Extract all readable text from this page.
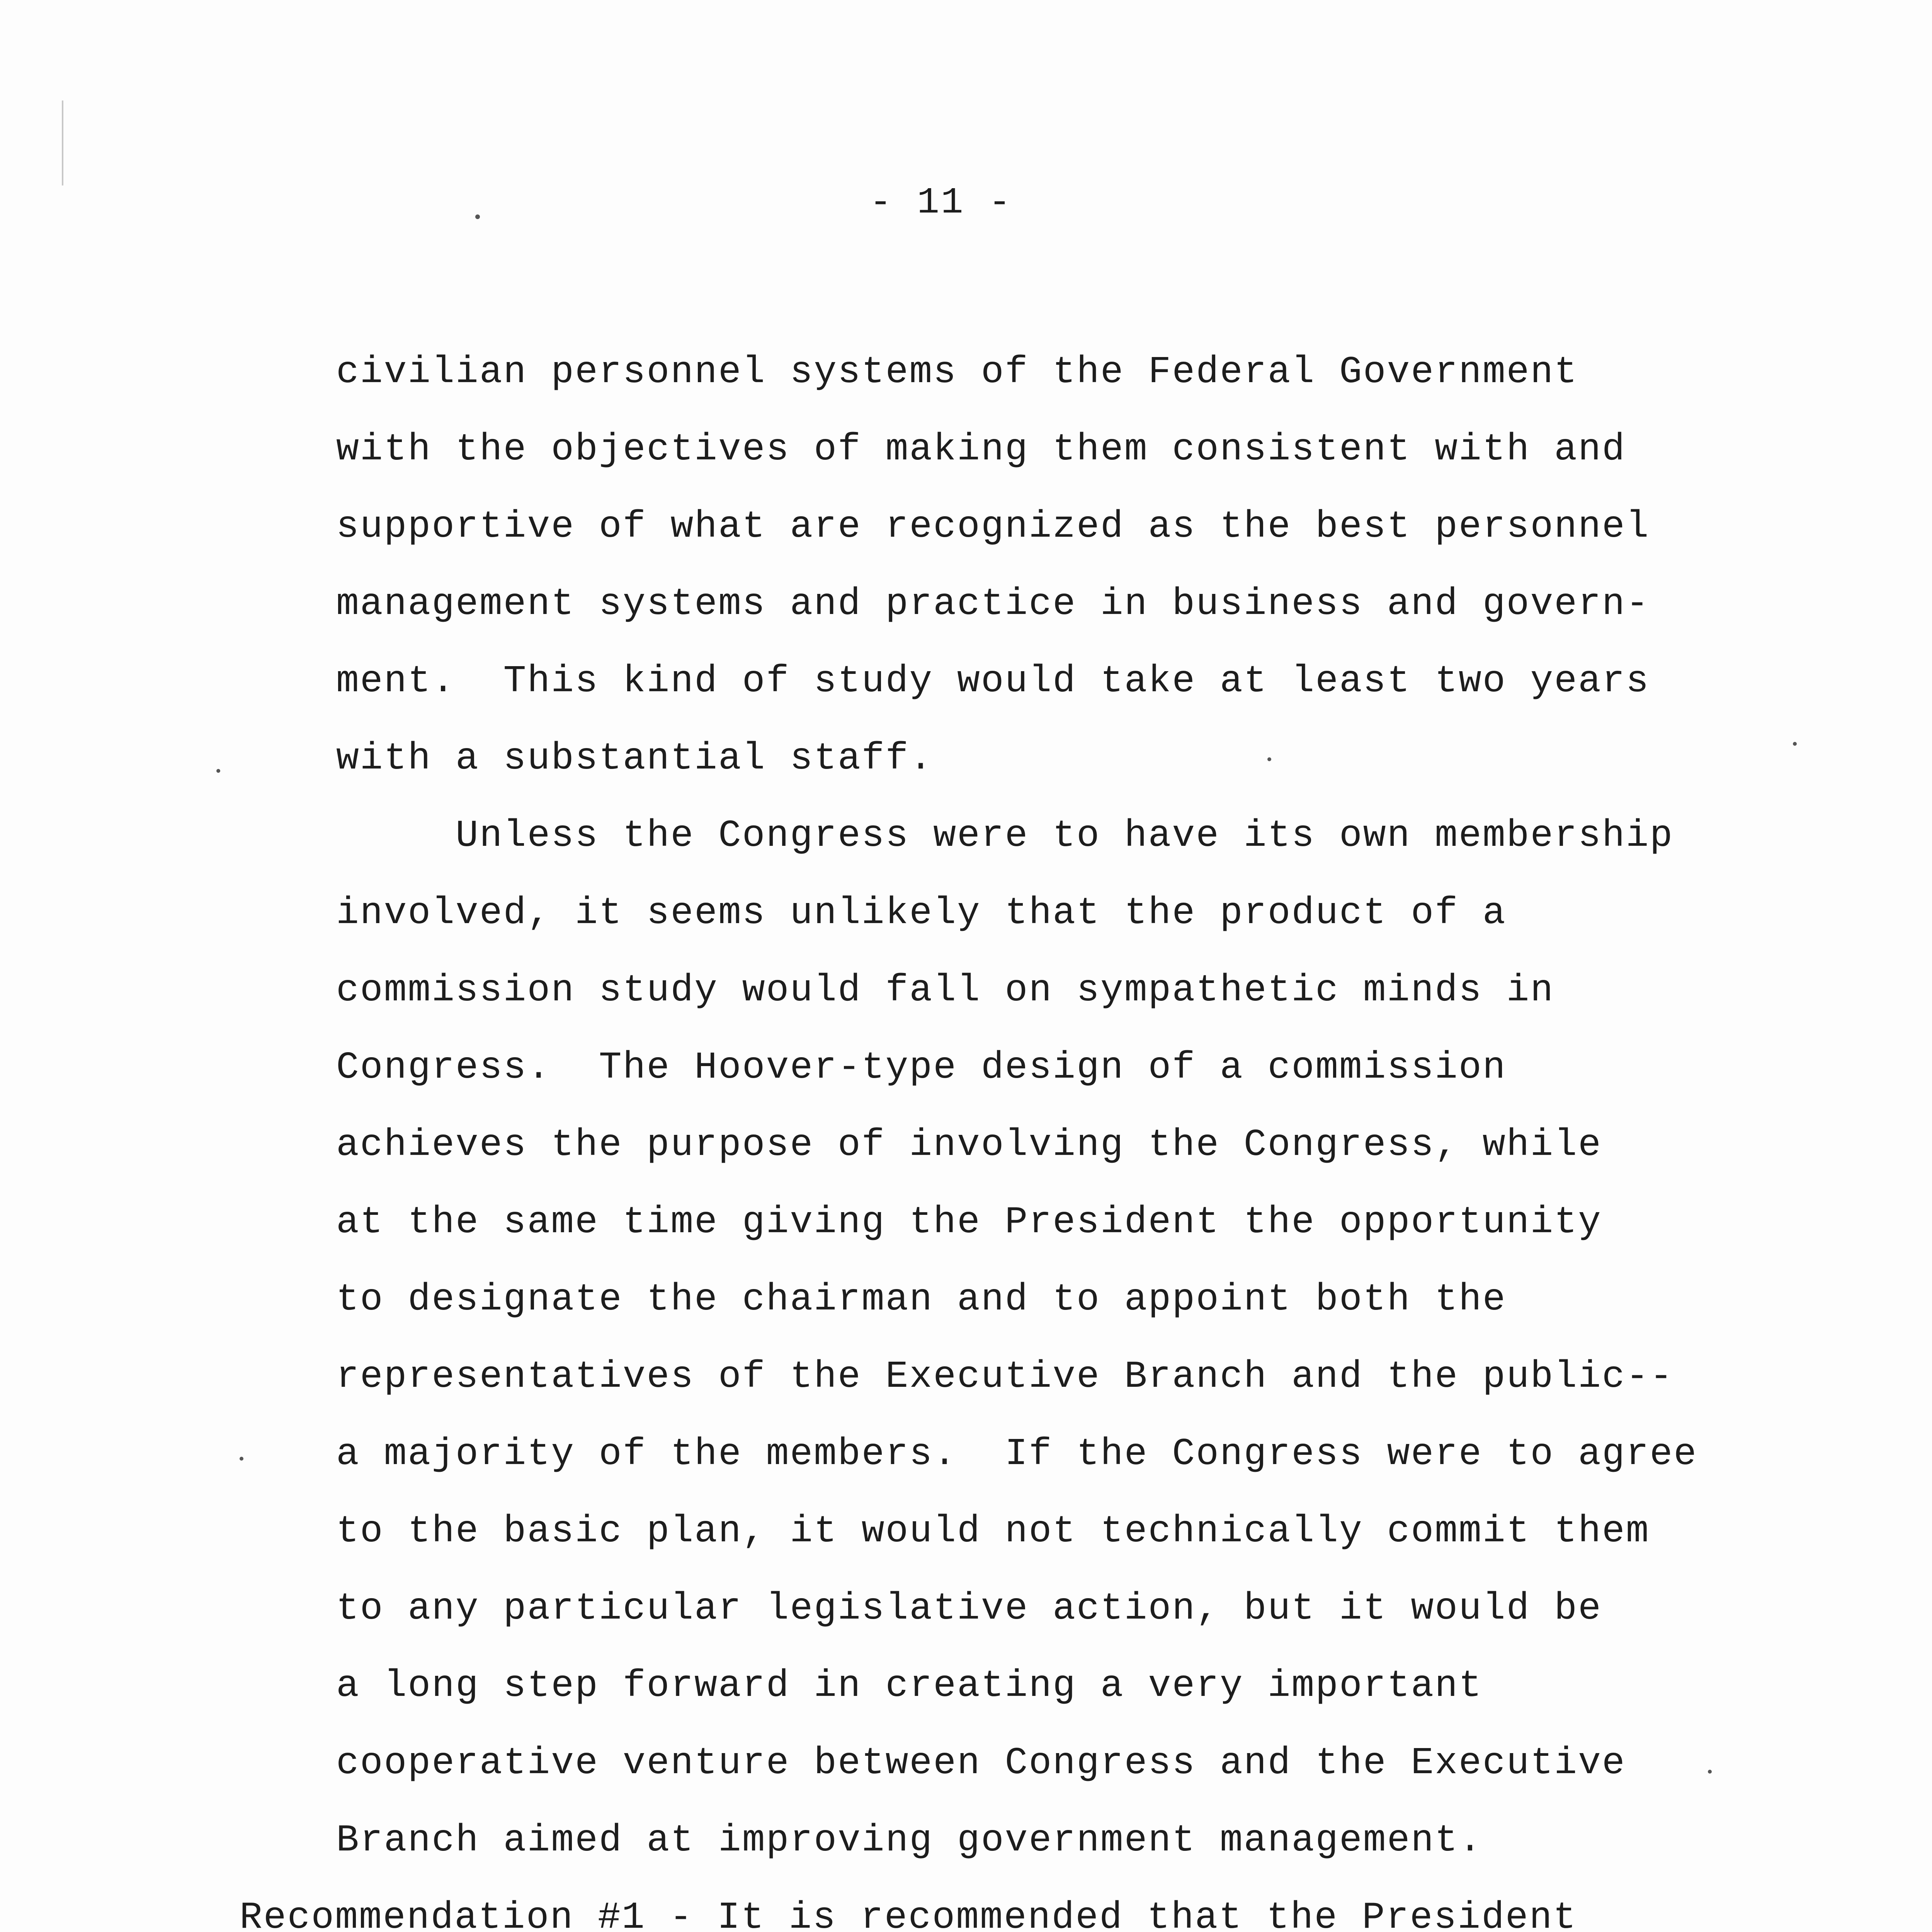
- 11 -
civilian personnel systems of the Federal Government
with the objectives of making them consistent with and
supportive of what are recognized as the best personnel
management systems and practice in business and govern-
ment.  This kind of study would take at least two years
with a substantial staff.
Unless the Congress were to have its own membership
involved, it seems unlikely that the product of a
commission study would fall on sympathetic minds in
Congress.  The Hoover-type design of a commission
achieves the purpose of involving the Congress, while
at the same time giving the President the opportunity
to designate the chairman and to appoint both the
representatives of the Executive Branch and the public--
a majority of the members.  If the Congress were to agree
to the basic plan, it would not technically commit them
to any particular legislative action, but it would be
a long step forward in creating a very important
cooperative venture between Congress and the Executive
Branch aimed at improving government management.
Recommendation #1 - It is recommended that the President
